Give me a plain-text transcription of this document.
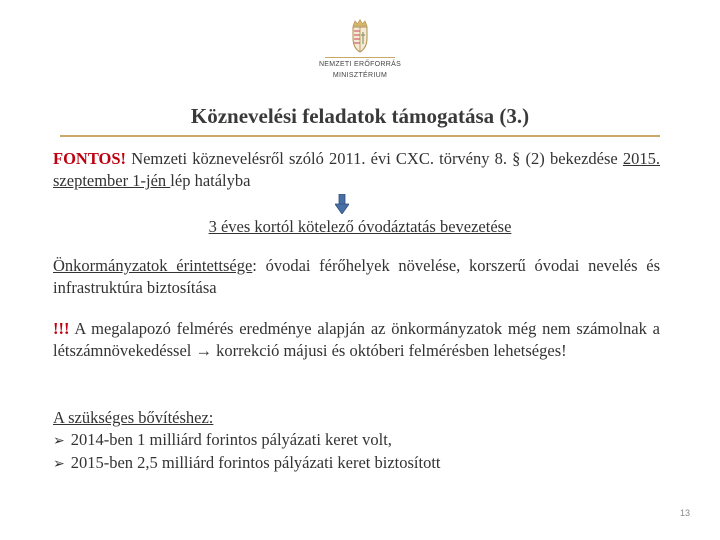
NEMZETI ERŐFORRÁS
MINISZTÉRIUM
Köznevelési feladatok támogatása (3.)
FONTOS! Nemzeti köznevelésről szóló 2011. évi CXC. törvény 8. § (2) bekezdése 2015. szeptember 1-jén lép hatályba
3 éves kortól kötelező óvodáztatás bevezetése
Önkormányzatok érintettsége: óvodai férőhelyek növelése, korszerű óvodai nevelés és infrastruktúra biztosítása
!!! A megalapozó felmérés eredménye alapján az önkormányzatok még nem számolnak a létszámnövekedéssel → korrekció májusi és októberi felmérésben lehetséges!
A szükséges bővítéshez:
➢ 2014-ben 1 milliárd forintos pályázati keret volt,
➢ 2015-ben 2,5 milliárd forintos pályázati keret biztosított
13
